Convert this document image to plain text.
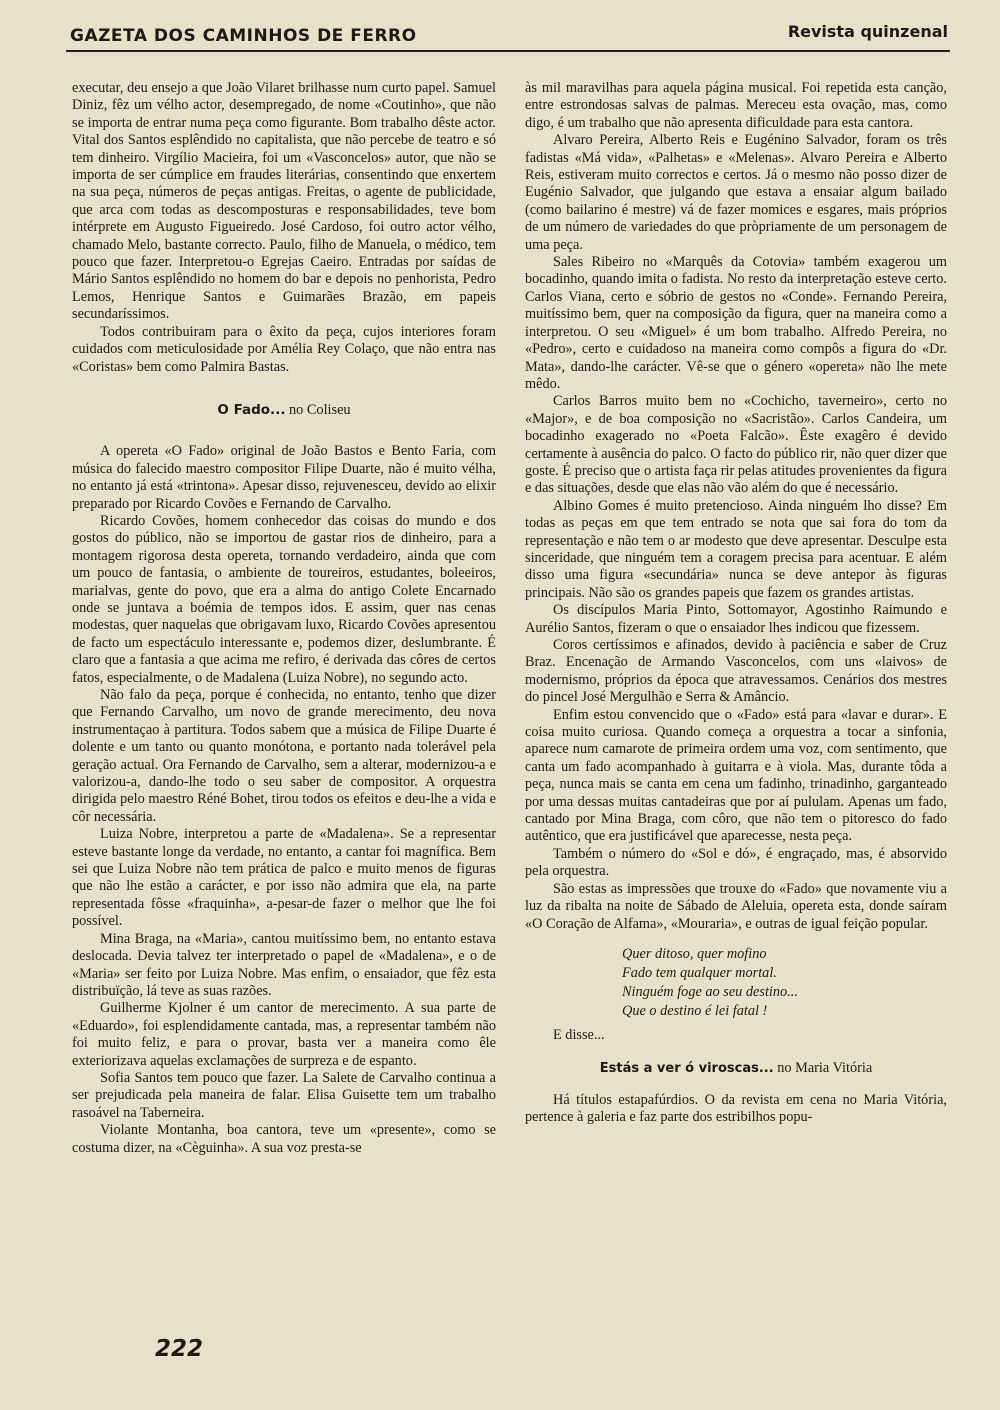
GAZETA DOS CAMINHOS DE FERRO	Revista quinzenal

executar, deu ensejo a que João Vilaret brilhasse num curto papel. Samuel Diniz, fêz um vélho actor, desempregado, de nome «Coutinho», que não se importa de entrar numa peça como figurante. Bom trabalho dêste actor. Vital dos Santos esplêndido no capitalista, que não percebe de teatro e só tem dinheiro. Virgílio Macieira, foi um «Vasconcelos» autor, que não se importa de ser cúmplice em fraudes literárias, consentindo que enxertem na sua peça, números de peças antigas. Freitas, o agente de publicidade, que arca com todas as descomposturas e responsabilidades, teve bom intérprete em Augusto Figueiredo. José Cardoso, foi outro actor vélho, chamado Melo, bastante correcto. Paulo, filho de Manuela, o médico, tem pouco que fazer. Interpretou-o Egrejas Caeiro. Entradas por saídas de Mário Santos esplêndido no homem do bar e depois no penhorista, Pedro Lemos, Henrique Santos e Guimarães Brazão, em papeis secundaríssimos.

Todos contribuiram para o êxito da peça, cujos interiores foram cuidados com meticulosidade por Amélia Rey Colaço, que não entra nas «Coristas» bem como Palmira Bastas.

O Fado... no Coliseu

A opereta «O Fado» original de João Bastos e Bento Faria, com música do falecido maestro compositor Filipe Duarte, não é muito vélha, no entanto já está «trintona». Apesar disso, rejuvenesceu, devido ao elixir preparado por Ricardo Covões e Fernando de Carvalho.

Ricardo Covões, homem conhecedor das coisas do mundo e dos gostos do público, não se importou de gastar rios de dinheiro, para a montagem rigorosa desta opereta, tornando verdadeiro, ainda que com um pouco de fantasia, o ambiente de toureiros, estudantes, boleeiros, marialvas, gente do povo, que era a alma do antigo Colete Encarnado onde se juntava a boémia de tempos idos. E assim, quer nas cenas modestas, quer naquelas que obrigavam luxo, Ricardo Covões apresentou de facto um espectáculo interessante e, podemos dizer, deslumbrante. É claro que a fantasia a que acima me refiro, é derivada das côres de certos fatos, especialmente, o de Madalena (Luiza Nobre), no segundo acto.

Não falo da peça, porque é conhecida, no entanto, tenho que dizer que Fernando Carvalho, um novo de grande merecimento, deu nova instrumentaçao à partitura. Todos sabem que a música de Filipe Duarte é dolente e um tanto ou quanto monótona, e portanto nada tolerável pela geração actual. Ora Fernando de Carvalho, sem a alterar, modernizou-a e valorizou-a, dando-lhe todo o seu saber de compositor. A orquestra dirigida pelo maestro Réné Bohet, tirou todos os efeitos e deu-lhe a vida e côr necessária.

Luiza Nobre, interpretou a parte de «Madalena». Se a representar esteve bastante longe da verdade, no entanto, a cantar foi magnífica. Bem sei que Luiza Nobre não tem prática de palco e muito menos de figuras que não lhe estão a carácter, e por isso não admira que ela, na parte representada fôsse «fraquinha», a-pesar-de fazer o melhor que lhe foi possível.

Mina Braga, na «Maria», cantou muitíssimo bem, no entanto estava deslocada. Devia talvez ter interpretado o papel de «Madalena», e o de «Maria» ser feito por Luiza Nobre. Mas enfim, o ensaiador, que fêz esta distribuïção, lá teve as suas razões.

Guilherme Kjolner é um cantor de merecimento. A sua parte de «Eduardo», foi esplendidamente cantada, mas, a representar também não foi muito feliz, e para o provar, basta ver a maneira como êle exteriorizava aquelas exclamações de surpreza e de espanto.

Sofia Santos tem pouco que fazer. La Salete de Carvalho continua a ser prejudicada pela maneira de falar. Elisa Guisette tem um trabalho rasoável na Taberneira.

Violante Montanha, boa cantora, teve um «presente», como se costuma dizer, na «Cèguinha». A sua voz presta-se

às mil maravilhas para aquela página musical. Foi repetida esta canção, entre estrondosas salvas de palmas. Mereceu esta ovação, mas, como digo, é um trabalho que não apresenta dificuldade para esta cantora.

Alvaro Pereira, Alberto Reis e Eugénino Salvador, foram os três fadistas «Má vida», «Palhetas» e «Melenas». Alvaro Pereira e Alberto Reis, estiveram muito correctos e certos. Já o mesmo não posso dizer de Eugénio Salvador, que julgando que estava a ensaiar algum bailado (como bailarino é mestre) vá de fazer momices e esgares, mais próprios de um número de variedades do que pròpriamente de um personagem de uma peça.

Sales Ribeiro no «Marquês da Cotovia» também exagerou um bocadinho, quando imita o fadista. No resto da interpretação esteve certo. Carlos Viana, certo e sóbrio de gestos no «Conde». Fernando Pereira, muitíssimo bem, quer na composição da figura, quer na maneira como a interpretou. O seu «Miguel» é um bom trabalho. Alfredo Pereira, no «Pedro», certo e cuidadoso na maneira como compôs a figura do «Dr. Mata», dando-lhe carácter. Vê-se que o género «opereta» não lhe mete mêdo.

Carlos Barros muito bem no «Cochicho, taverneiro», certo no «Major», e de boa composição no «Sacristão». Carlos Candeira, um bocadinho exagerado no «Poeta Falcão». Êste exagêro é devido certamente à ausência do palco. O facto do público rir, não quer dizer que goste. É preciso que o artista faça rir pelas atitudes provenientes da figura e das situações, desde que elas não vão além do que é necessário.

Albino Gomes é muito pretencioso. Ainda ninguém lho disse? Em todas as peças em que tem entrado se nota que sai fora do tom da representação e não tem o ar modesto que deve apresentar. Desculpe esta sinceridade, que ninguém tem a coragem precisa para acentuar. E além disso uma figura «secundária» nunca se deve antepor às figuras principais. Não são os grandes papeis que fazem os grandes artistas.

Os discípulos Maria Pinto, Sottomayor, Agostinho Raimundo e Aurélio Santos, fizeram o que o ensaiador lhes indicou que fizessem.

Coros certíssimos e afinados, devido à paciência e saber de Cruz Braz. Encenação de Armando Vasconcelos, com uns «laivos» de modernismo, próprios da época que atravessamos. Cenários dos mestres do pincel José Mergulhão e Serra & Amâncio.

Enfim estou convencido que o «Fado» está para «lavar e durar». E coisa muito curiosa. Quando começa a orquestra a tocar a sinfonia, aparece num camarote de primeira ordem uma voz, com sentimento, que canta um fado acompanhado à guitarra e à viola. Mas, durante tôda a peça, nunca mais se canta em cena um fadinho, trinadinho, garganteado por uma dessas muitas cantadeiras que por aí pululam. Apenas um fado, cantado por Mina Braga, com côro, que não tem o pitoresco do fado autêntico, que era justificável que aparecesse, nesta peça.

Também o número do «Sol e dó», é engraçado, mas, é absorvido pela orquestra.

São estas as impressões que trouxe do «Fado» que novamente viu a luz da ribalta na noite de Sábado de Aleluia, opereta esta, donde saíram «O Coração de Alfama», «Mouraria», e outras de igual feição popular.

Quer ditoso, quer mofino
Fado tem qualquer mortal.
Ninguém foge ao seu destino...
Que o destino é lei fatal !

E disse...

Estás a ver ó viroscas... no Maria Vitória

Há títulos estapafúrdios. O da revista em cena no Maria Vitória, pertence à galeria e faz parte dos estribilhos popu-

222
